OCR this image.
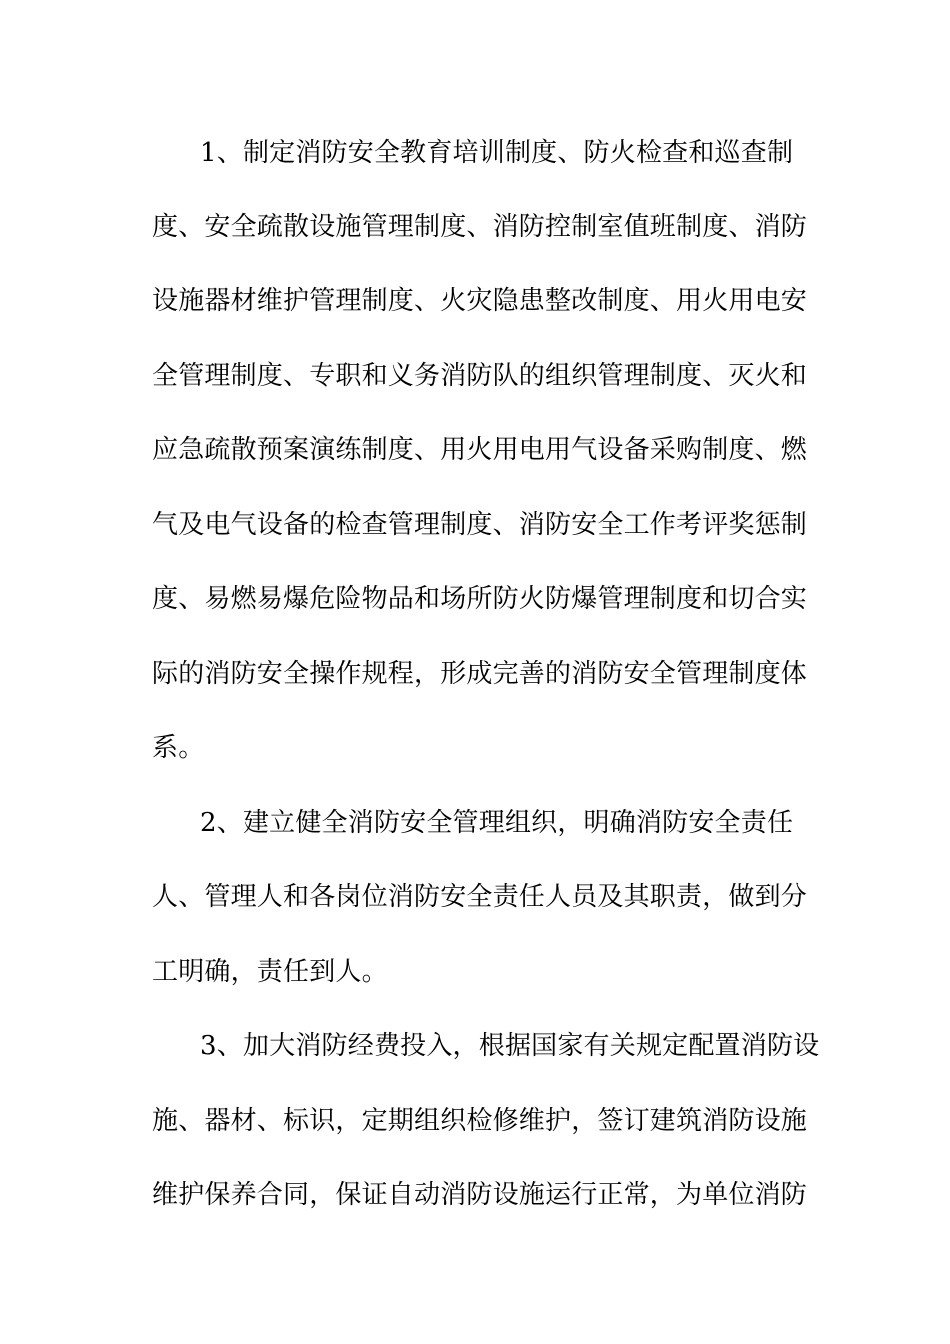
1、制定消防安全教育培训制度、防火检查和巡查制
度、安全疏散设施管理制度、消防控制室值班制度、消防
设施器材维护管理制度、火灾隐患整改制度、用火用电安
全管理制度、专职和义务消防队的组织管理制度、灭火和
应急疏散预案演练制度、用火用电用气设备采购制度、燃
气及电气设备的检查管理制度、消防安全工作考评奖惩制
度、易燃易爆危险物品和场所防火防爆管理制度和切合实
际的消防安全操作规程，形成完善的消防安全管理制度体
系。
2、建立健全消防安全管理组织，明确消防安全责任
人、管理人和各岗位消防安全责任人员及其职责，做到分
工明确，责任到人。
3、加大消防经费投入，根据国家有关规定配置消防设
施、器材、标识，定期组织检修维护，签订建筑消防设施
维护保养合同，保证自动消防设施运行正常，为单位消防
